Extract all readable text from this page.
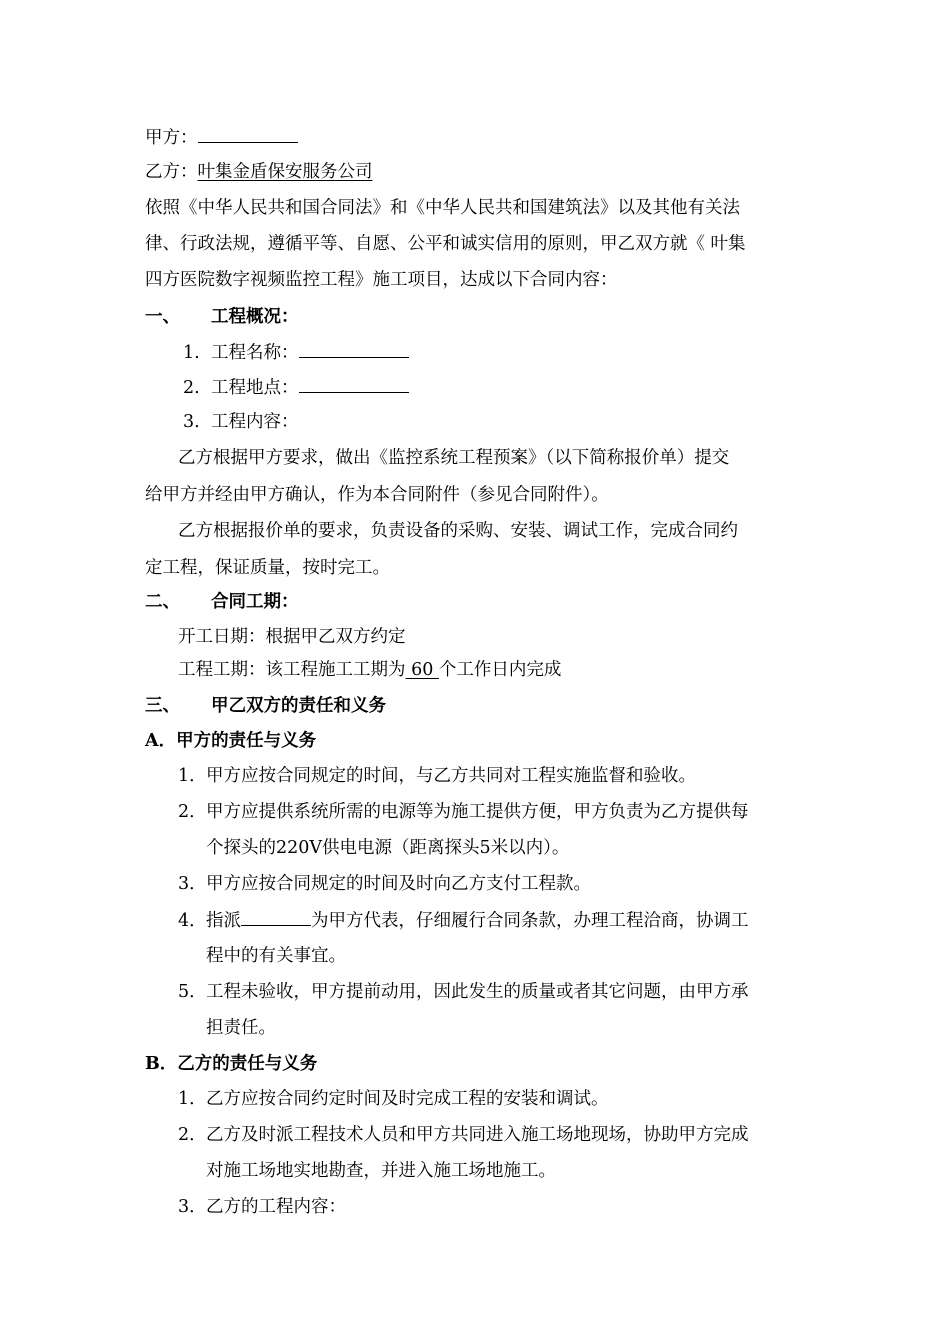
甲方：
乙方：叶集金盾保安服务公司
依照《中华人民共和国合同法》和《中华人民共和国建筑法》以及其他有关法
律、行政法规，遵循平等、自愿、公平和诚实信用的原则，甲乙双方就《 叶集
四方医院数字视频监控工程》施工项目，达成以下合同内容：
一、 工程概况：
1. 工程名称：
2. 工程地点：
3. 工程内容：
乙方根据甲方要求，做出《监控系统工程预案》（以下简称报价单）提交
给甲方并经由甲方确认，作为本合同附件（参见合同附件）。
乙方根据报价单的要求，负责设备的采购、安装、调试工作，完成合同约
定工程，保证质量，按时完工。
二、 合同工期：
开工日期：根据甲乙双方约定
工程工期：该工程施工工期为 60 个工作日内完成
三、 甲乙双方的责任和义务
A．甲方的责任与义务
1．甲方应按合同规定的时间，与乙方共同对工程实施监督和验收。
2．甲方应提供系统所需的电源等为施工提供方便，甲方负责为乙方提供每
个探头的220V供电电源（距离探头5米以内）。
3．甲方应按合同规定的时间及时向乙方支付工程款。
4．指派	为甲方代表，仔细履行合同条款，办理工程洽商，协调工
程中的有关事宜。
5．工程未验收，甲方提前动用，因此发生的质量或者其它问题，由甲方承
担责任。
B．乙方的责任与义务
1．乙方应按合同约定时间及时完成工程的安装和调试。
2．乙方及时派工程技术人员和甲方共同进入施工场地现场，协助甲方完成
对施工场地实地勘查，并进入施工场地施工。
3．乙方的工程内容：
